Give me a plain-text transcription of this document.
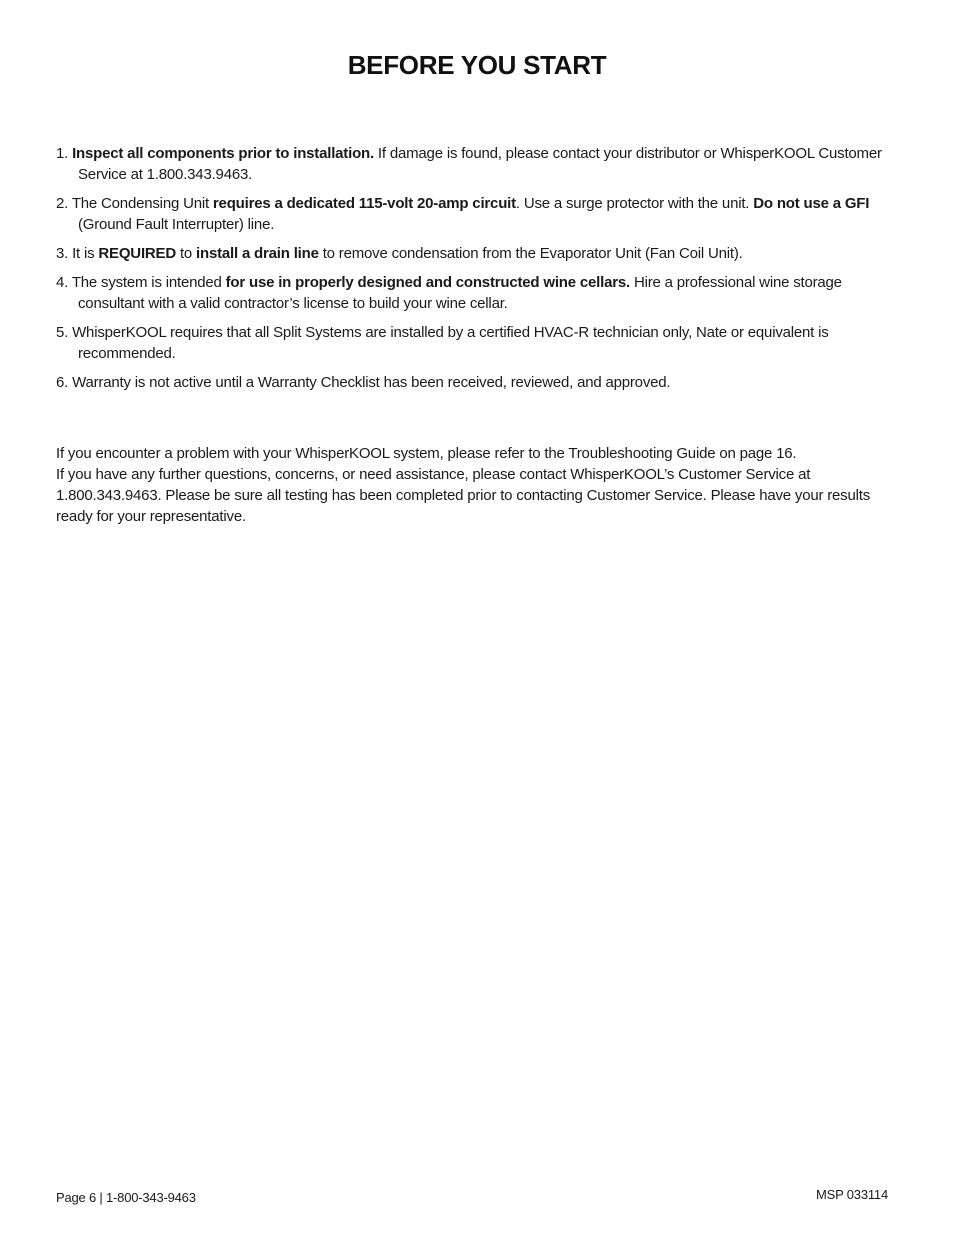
BEFORE YOU START
1. Inspect all components prior to installation. If damage is found, please contact your distributor or WhisperKOOL Customer Service at 1.800.343.9463.
2. The Condensing Unit requires a dedicated 115-volt 20-amp circuit. Use a surge protector with the unit. Do not use a GFI (Ground Fault Interrupter) line.
3. It is REQUIRED to install a drain line to remove condensation from the Evaporator Unit (Fan Coil Unit).
4. The system is intended for use in properly designed and constructed wine cellars. Hire a professional wine storage consultant with a valid contractor’s license to build your wine cellar.
5. WhisperKOOL requires that all Split Systems are installed by a certified HVAC-R technician only, Nate or equivalent is recommended.
6. Warranty is not active until a Warranty Checklist has been received, reviewed, and approved.
If you encounter a problem with your WhisperKOOL system, please refer to the Troubleshooting Guide on page 16.
If you have any further questions, concerns, or need assistance, please contact WhisperKOOL’s Customer Service at 1.800.343.9463. Please be sure all testing has been completed prior to contacting Customer Service. Please have your results ready for your representative.
Page 6 | 1-800-343-9463	MSP 033114
